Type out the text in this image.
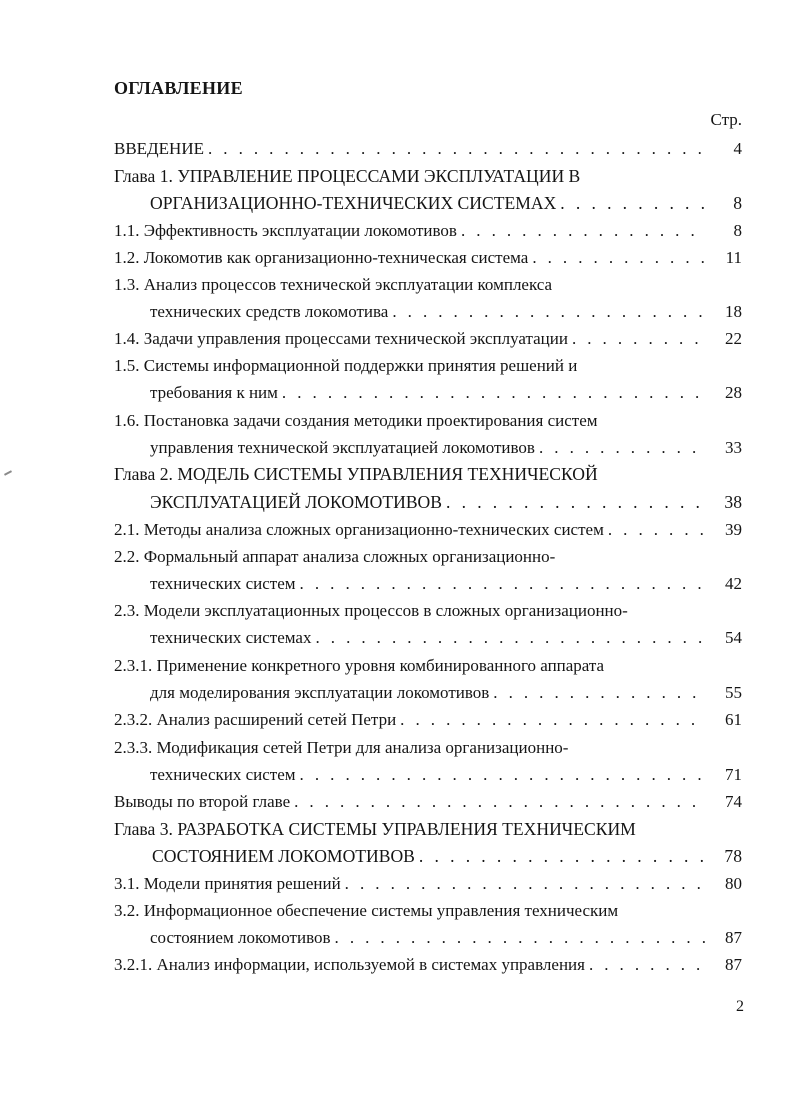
ОГЛАВЛЕНИЕ
Стр.
ВВЕДЕНИЕ . . .	4
Глава 1. УПРАВЛЕНИЕ ПРОЦЕССАМИ ЭКСПЛУАТАЦИИ В
ОРГАНИЗАЦИОННО-ТЕХНИЧЕСКИХ СИСТЕМАХ . . .	8
1.1. Эффективность эксплуатации локомотивов . . .	8
1.2. Локомотив как организационно-техническая система . . .	11
1.3. Анализ процессов технической эксплуатации комплекса
технических средств локомотива . . .	18
1.4. Задачи управления процессами технической эксплуатации . . .	22
1.5. Системы информационной поддержки принятия решений и
требования к ним . . .	28
1.6. Постановка задачи создания методики проектирования систем
управления технической эксплуатацией локомотивов . . .	33
Глава 2. МОДЕЛЬ СИСТЕМЫ УПРАВЛЕНИЯ ТЕХНИЧЕСКОЙ
ЭКСПЛУАТАЦИЕЙ ЛОКОМОТИВОВ . . .	38
2.1. Методы анализа сложных организационно-технических систем . . .	39
2.2. Формальный аппарат анализа сложных организационно-
технических систем . . .	42
2.3. Модели эксплуатационных процессов в сложных организационно-
технических системах . . .	54
2.3.1. Применение конкретного уровня комбинированного аппарата
для моделирования эксплуатации локомотивов . . .	55
2.3.2. Анализ расширений сетей Петри . . .	61
2.3.3. Модификация сетей Петри для анализа организационно-
технических систем . . .	71
Выводы по второй главе . . .	74
Глава 3. РАЗРАБОТКА СИСТЕМЫ УПРАВЛЕНИЯ ТЕХНИЧЕСКИМ
СОСТОЯНИЕМ ЛОКОМОТИВОВ . . .	78
3.1. Модели принятия решений . . .	80
3.2. Информационное обеспечение системы управления техническим
состоянием локомотивов . . .	87
3.2.1. Анализ информации, используемой в системах управления . . .	87
2
